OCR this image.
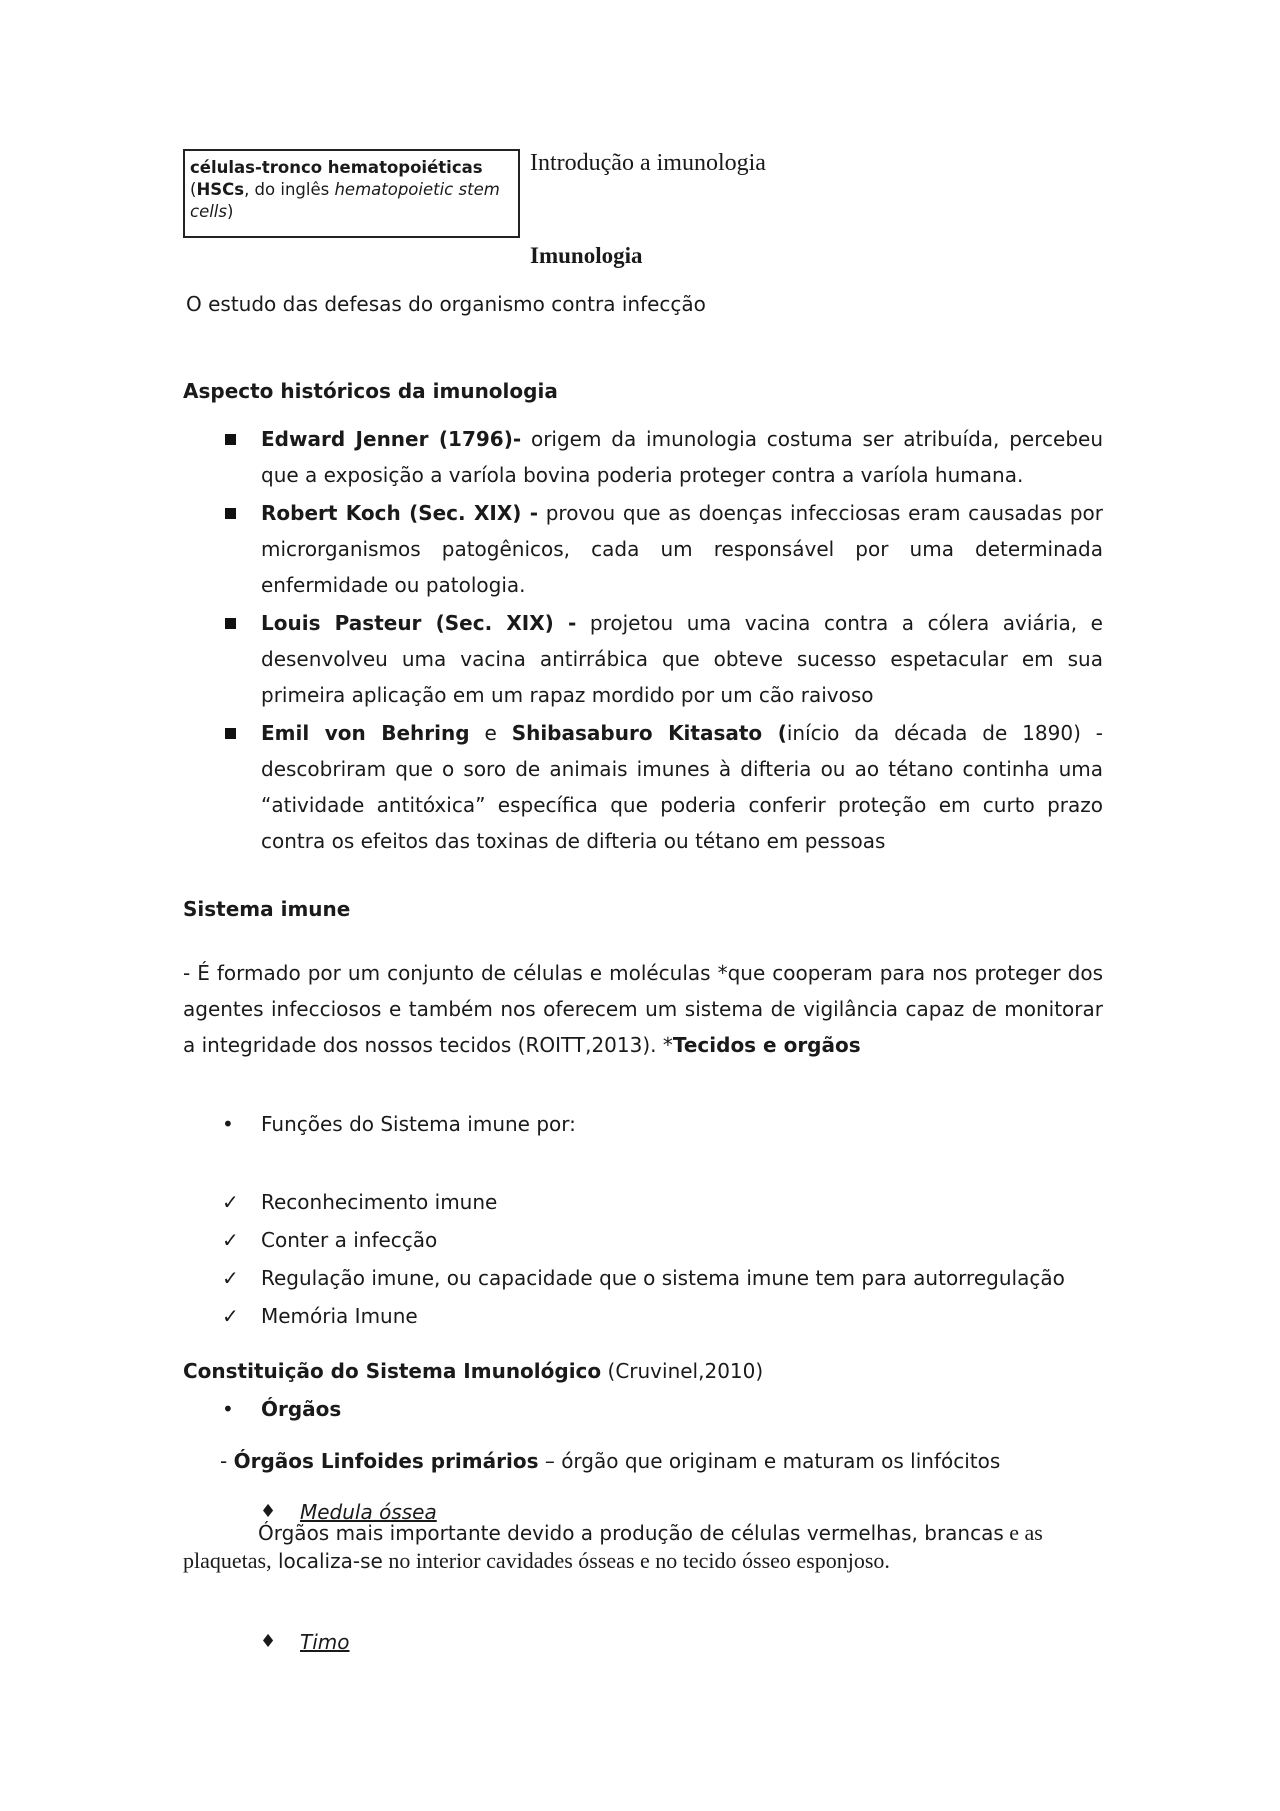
células-tronco hematopoiéticas
(HSCs, do inglês hematopoietic stem cells)
Introdução a imunologia
Imunologia
O estudo das defesas do organismo contra infecção
Aspecto históricos da imunologia
Edward Jenner (1796)- origem da imunologia costuma ser atribuída, percebeu que a exposição a varíola bovina poderia proteger contra a varíola humana.
Robert Koch (Sec. XIX) - provou que as doenças infecciosas eram causadas por microrganismos patogênicos, cada um responsável por uma determinada enfermidade ou patologia.
Louis Pasteur (Sec. XIX) - projetou uma vacina contra a cólera aviária, e desenvolveu uma vacina antirrábica que obteve sucesso espetacular em sua primeira aplicação em um rapaz mordido por um cão raivoso
Emil von Behring e Shibasaburo Kitasato (início da década de 1890) - descobriram que o soro de animais imunes à difteria ou ao tétano continha uma “atividade antitóxica” específica que poderia conferir proteção em curto prazo contra os efeitos das toxinas de difteria ou tétano em pessoas
Sistema imune
- É formado por um conjunto de células e moléculas *que cooperam para nos proteger dos agentes infecciosos e também nos oferecem um sistema de vigilância capaz de monitorar a integridade dos nossos tecidos (ROITT,2013). *Tecidos e orgãos
• Funções do Sistema imune por:
✓ Reconhecimento imune
✓ Conter a infecção
✓ Regulação imune, ou capacidade que o sistema imune tem para autorregulação
✓ Memória Imune
Constituição do Sistema Imunológico (Cruvinel,2010)
• Órgãos
- Órgãos Linfoides primários – órgão que originam e maturam os linfócitos
♦ Medula óssea
Órgãos mais importante devido a produção de células vermelhas, brancas e as plaquetas, localiza-se no interior cavidades ósseas e no tecido ósseo esponjoso.
♦ Timo
